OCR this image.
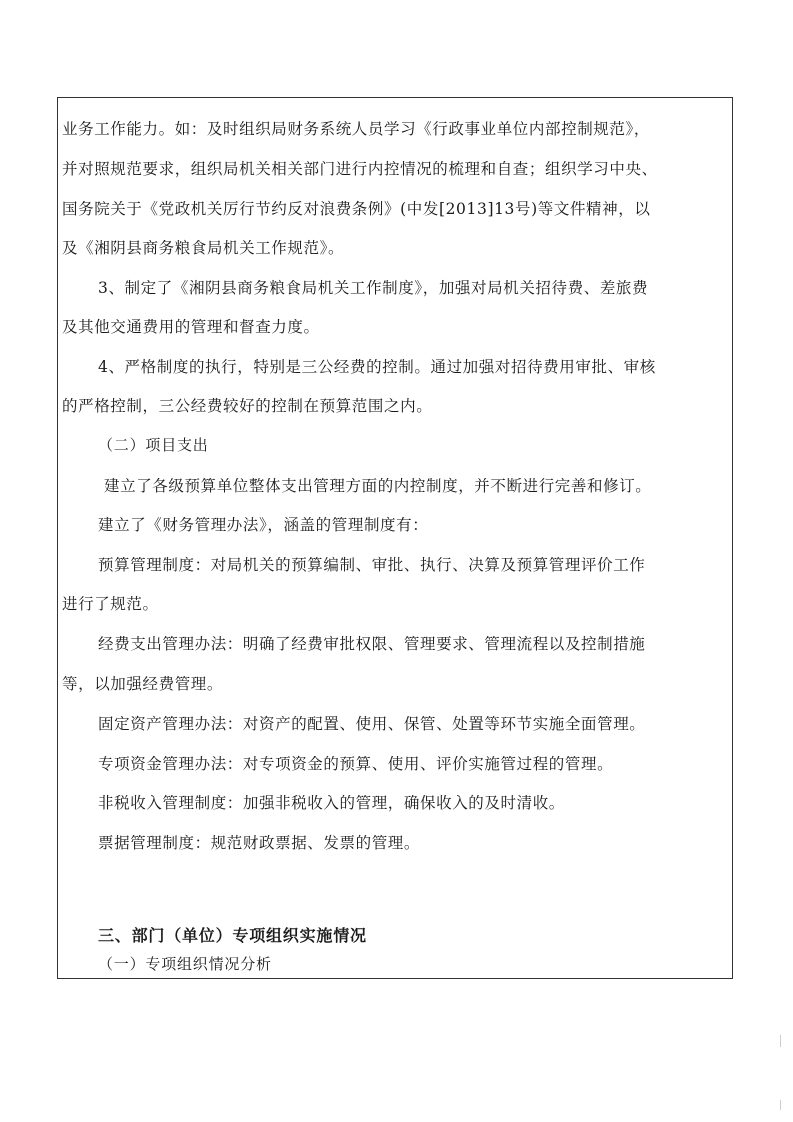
业务工作能力。如：及时组织局财务系统人员学习《行政事业单位内部控制规范》，
并对照规范要求，组织局机关相关部门进行内控情况的梳理和自查；组织学习中央、
国务院关于《党政机关厉行节约反对浪费条例》(中发[2013]13号)等文件精神，以
及《湘阴县商务粮食局机关工作规范》。
3、制定了《湘阴县商务粮食局机关工作制度》，加强对局机关招待费、差旅费
及其他交通费用的管理和督查力度。
4、严格制度的执行，特别是三公经费的控制。通过加强对招待费用审批、审核
的严格控制，三公经费较好的控制在预算范围之内。
（二）项目支出
建立了各级预算单位整体支出管理方面的内控制度，并不断进行完善和修订。
建立了《财务管理办法》，涵盖的管理制度有：
预算管理制度：对局机关的预算编制、审批、执行、决算及预算管理评价工作
进行了规范。
经费支出管理办法：明确了经费审批权限、管理要求、管理流程以及控制措施
等，以加强经费管理。
固定资产管理办法：对资产的配置、使用、保管、处置等环节实施全面管理。
专项资金管理办法：对专项资金的预算、使用、评价实施管过程的管理。
非税收入管理制度：加强非税收入的管理，确保收入的及时清收。
票据管理制度：规范财政票据、发票的管理。
三、部门（单位）专项组织实施情况
（一）专项组织情况分析
